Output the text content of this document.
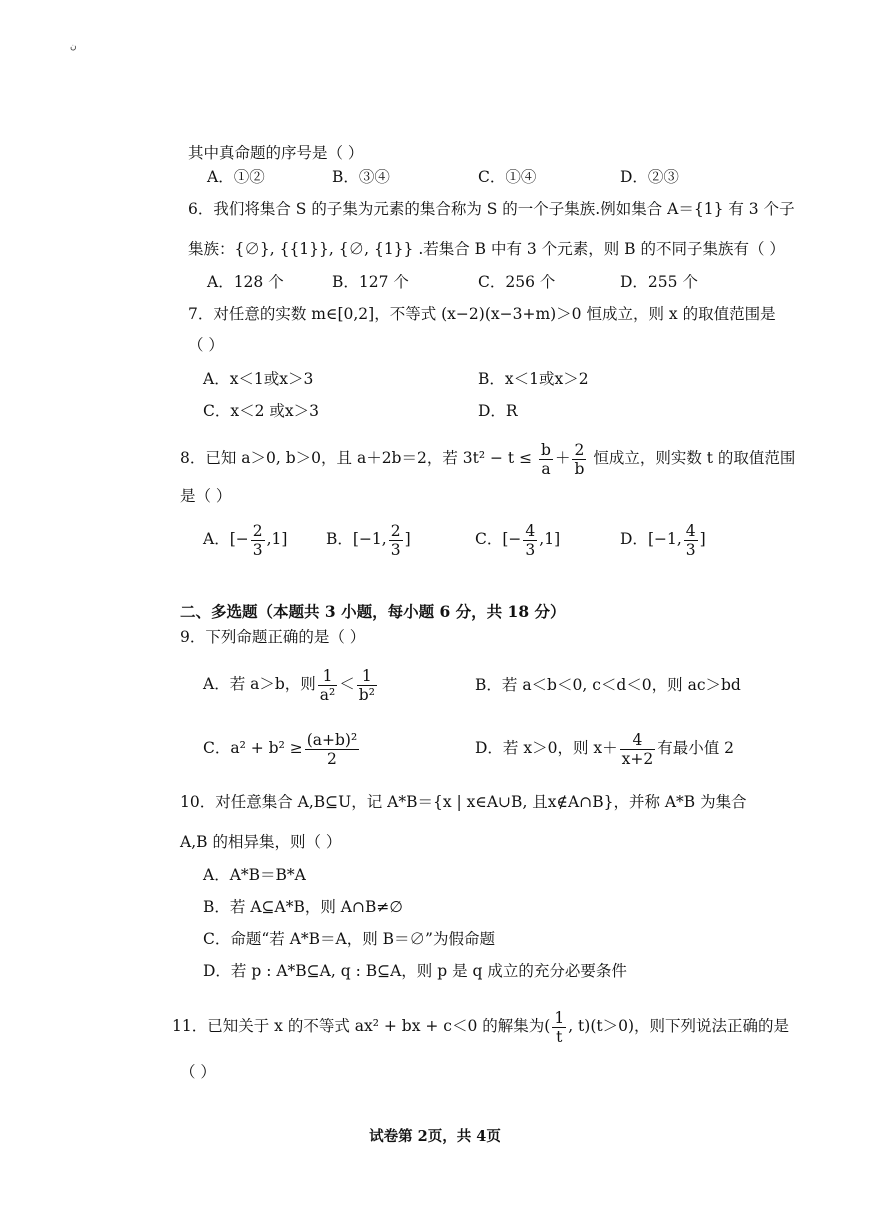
ن
其中真命题的序号是（ ）
A．①②	B．③④	C．①④	D．②③
6．我们将集合 S 的子集为元素的集合称为 S 的一个子集族.例如集合 A＝{1} 有 3 个子
集族：{∅}, {{1}}, {∅, {1}} .若集合 B 中有 3 个元素，则 B 的不同子集族有（ ）
A．128 个	B．127 个	C．256 个	D．255 个
7．对任意的实数 m∈[0,2]，不等式 (x−2)(x−3+m)＞0 恒成立，则 x 的取值范围是
（ ）
A．x＜1或x＞3	B．x＜1或x＞2
C．x＜2 或x＞3	D．R
8．已知 a＞0, b＞0，且 a＋2b＝2，若 $3t^2 - t \le \frac{b}{a} + \frac{2}{b}$ 恒成立，则实数 t 的取值范围
是（ ）
A．[− $\frac{2}{3} ,1$] B．[−1, $\frac{2}{3}$ ]	C．[− $\frac{4}{3} ,1$]	D．[−1, $\frac{4}{3}$ ]
二、多选题（本题共 3 小题，每小题 6 分，共 18 分）
9．下列命题正确的是（ ）
A．若 a＞b，则 $\frac{1}{\text{a²}} < \frac{1}{\text{b²}}$	B．若 a＜b＜0, c＜d＜0，则 ac＞bd
C．$a^2 + b^2 \ge \frac{\text{(a+b)²}}{2}$	D．若 x＞0，则 $x+ \frac{4}{x+2}$ 有最小值 2
10．对任意集合 A,B⊆U，记 A*B＝{x | x∈A∪B, 且x∉A∩B}，并称 A*B 为集合
A,B 的相异集，则（ ）
A．A*B＝B*A
B．若 A⊆A*B，则 A∩B≠∅
C．命题“若 A*B＝A，则 B＝∅”为假命题
D．若 p : A*B⊆A, q : B⊆A，则 p 是 q 成立的充分必要条件
11．已知关于 x 的不等式 ax² + bx + c＜0 的解集为( $\frac{1}{t}$ , t)(t＞0)，则下列说法正确的是
（ ）
试卷第 2页，共 4页
